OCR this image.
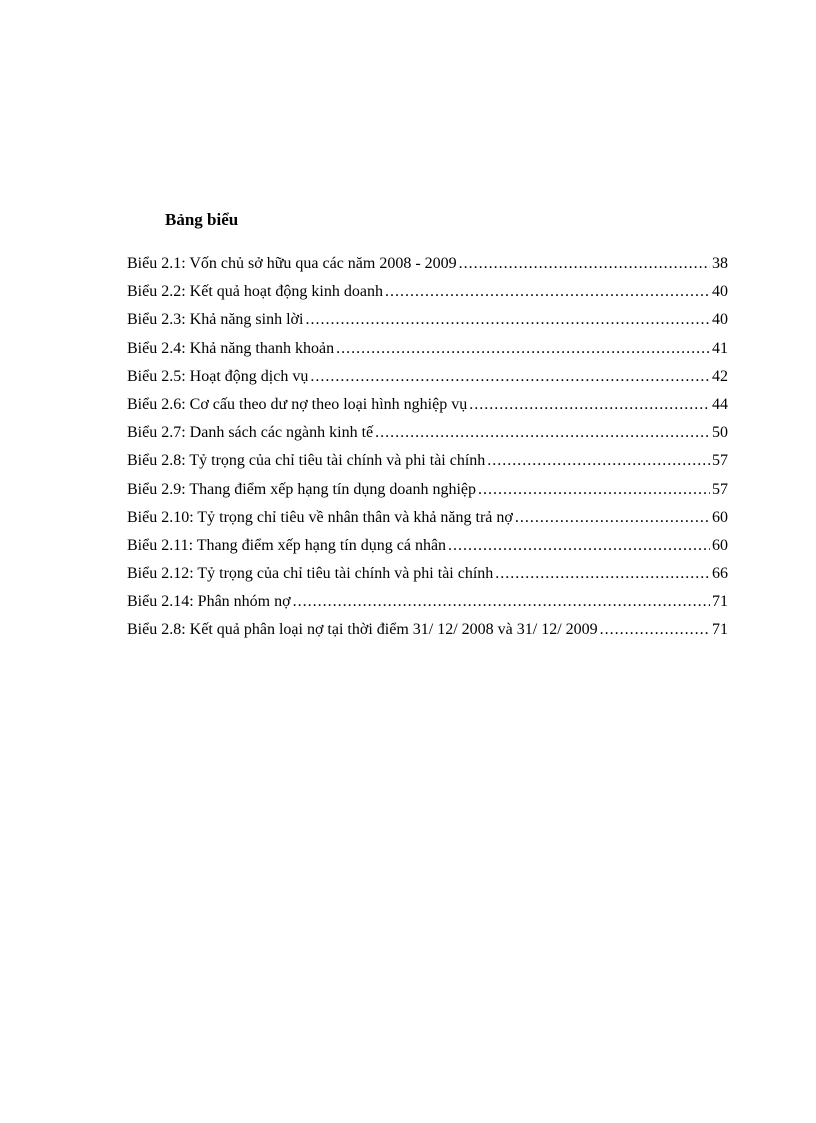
Bảng biểu
Biểu 2.1: Vốn chủ sở hữu qua các năm 2008 - 2009 .....	38
Biểu 2.2: Kết quả hoạt động kinh doanh .....	40
Biểu 2.3: Khả năng sinh lời .....	40
Biểu 2.4: Khả năng thanh khoản .....	41
Biểu 2.5: Hoạt động dịch vụ .....	42
Biểu 2.6: Cơ cấu theo dư nợ theo loại hình nghiệp vụ .....	44
Biểu 2.7: Danh sách các ngành kinh tế .....	50
Biểu 2.8: Tỷ trọng của chỉ tiêu tài chính và phi tài chính .....	57
Biểu 2.9: Thang điểm xếp hạng tín dụng doanh nghiệp .....	57
Biểu 2.10: Tỷ trọng chỉ tiêu về nhân thân và khả năng trả nợ .....	60
Biểu 2.11: Thang điểm xếp hạng tín dụng cá nhân .....	60
Biểu 2.12: Tỷ trọng của chỉ tiêu tài chính và phi tài chính .....	66
Biểu 2.14: Phân nhóm nợ .....	71
Biểu 2.8: Kết quả phân loại nợ tại thời điểm 31/ 12/ 2008 và 31/ 12/ 2009 .....	71
